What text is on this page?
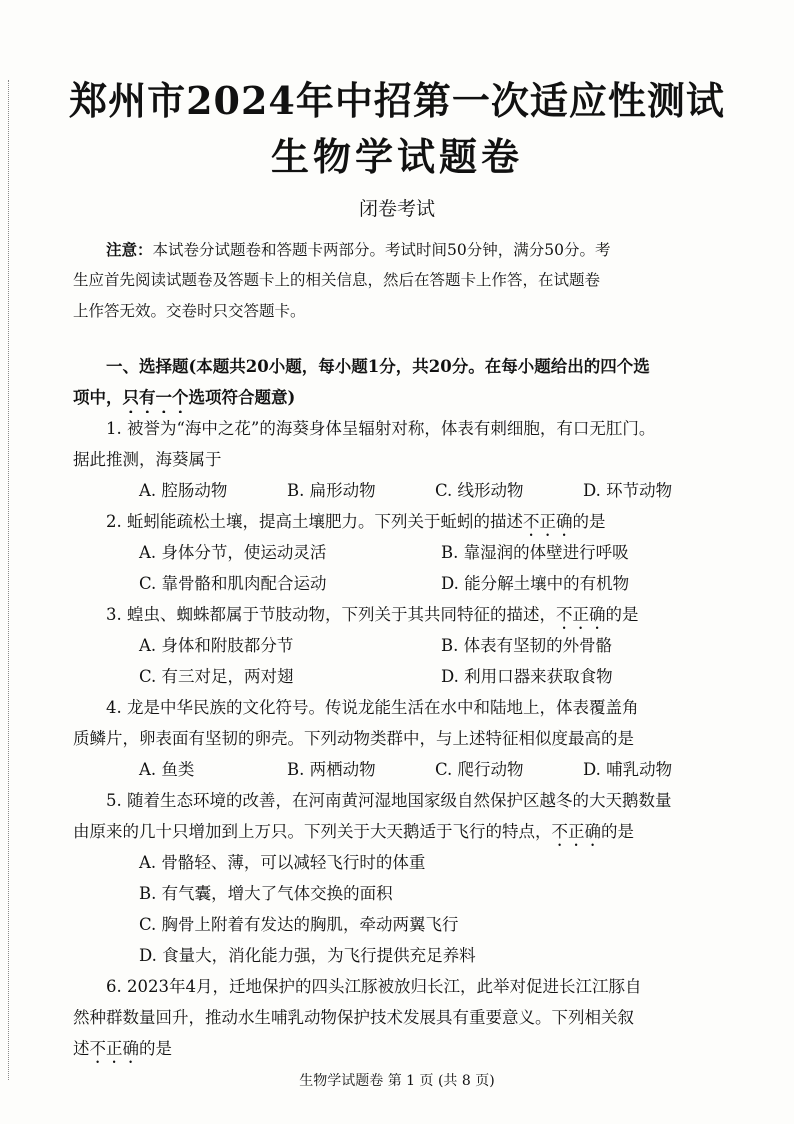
郑州市2024年中招第一次适应性测试
生物学试题卷
闭卷考试
注意：本试卷分试题卷和答题卡两部分。考试时间50分钟，满分50分。考
生应首先阅读试题卷及答题卡上的相关信息，然后在答题卡上作答，在试题卷
上作答无效。交卷时只交答题卡。
一、选择题(本题共20小题，每小题1分，共20分。在每小题给出的四个选
项中，只有一个选项符合题意)
1. 被誉为“海中之花”的海葵身体呈辐射对称，体表有刺细胞，有口无肛门。
据此推测，海葵属于
A. 腔肠动物	B. 扁形动物	C. 线形动物	D. 环节动物
2. 蚯蚓能疏松土壤，提高土壤肥力。下列关于蚯蚓的描述不正确的是
A. 身体分节，使运动灵活	B. 靠湿润的体壁进行呼吸
C. 靠骨骼和肌肉配合运动	D. 能分解土壤中的有机物
3. 蝗虫、蜘蛛都属于节肢动物，下列关于其共同特征的描述，不正确的是
A. 身体和附肢都分节	B. 体表有坚韧的外骨骼
C. 有三对足，两对翅	D. 利用口器来获取食物
4. 龙是中华民族的文化符号。传说龙能生活在水中和陆地上，体表覆盖角
质鳞片，卵表面有坚韧的卵壳。下列动物类群中，与上述特征相似度最高的是
A. 鱼类	B. 两栖动物	C. 爬行动物	D. 哺乳动物
5. 随着生态环境的改善，在河南黄河湿地国家级自然保护区越冬的大天鹅数量
由原来的几十只增加到上万只。下列关于大天鹅适于飞行的特点，不正确的是
A. 骨骼轻、薄，可以减轻飞行时的体重
B. 有气囊，增大了气体交换的面积
C. 胸骨上附着有发达的胸肌，牵动两翼飞行
D. 食量大，消化能力强，为飞行提供充足养料
6. 2023年4月，迁地保护的四头江豚被放归长江，此举对促进长江江豚自
然种群数量回升，推动水生哺乳动物保护技术发展具有重要意义。下列相关叙
述不正确的是
生物学试题卷 第 1 页 (共 8 页)
